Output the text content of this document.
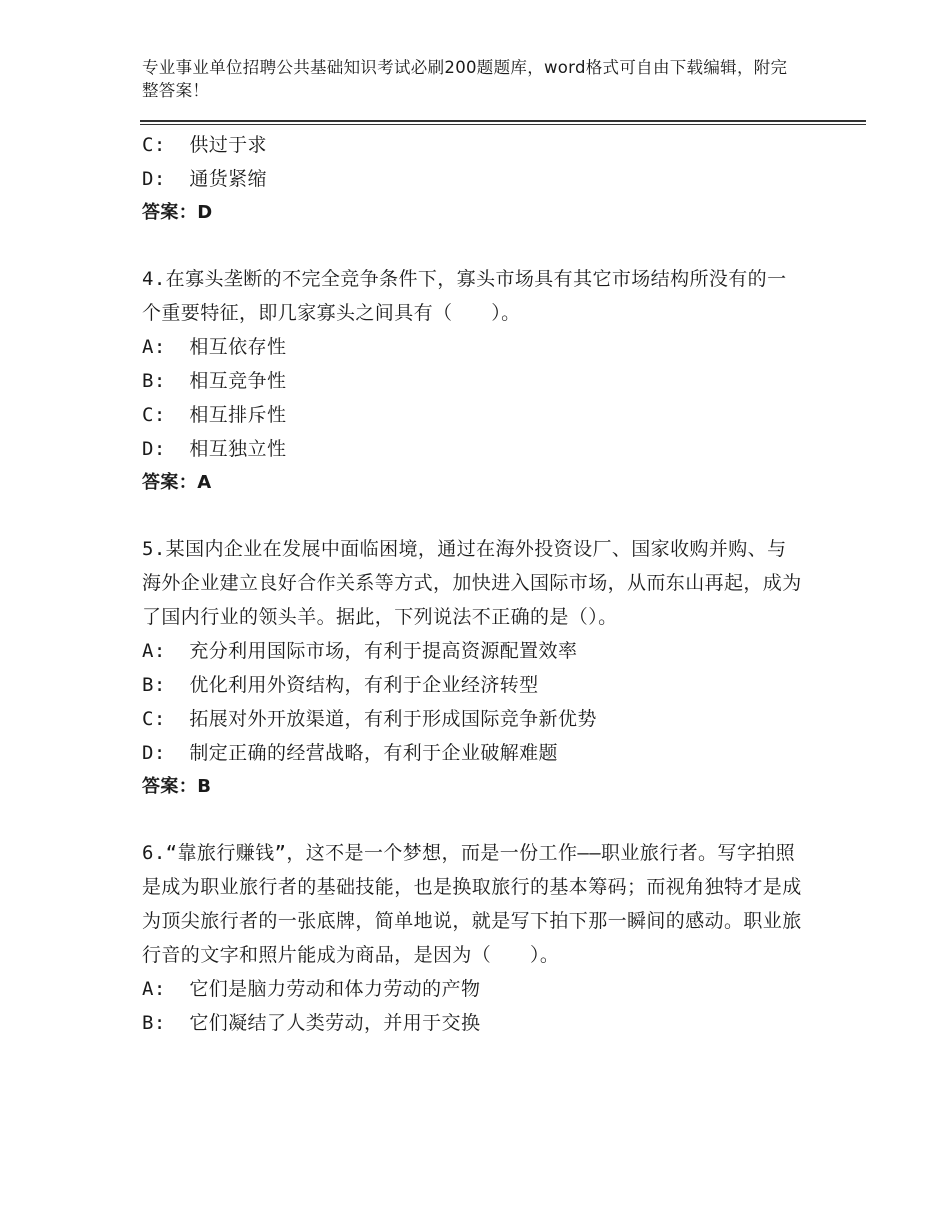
专业事业单位招聘公共基础知识考试必刷200题题库，word格式可自由下载编辑，附完整答案！
C:  供过于求
D:  通货紧缩
答案：D
4.在寡头垄断的不完全竞争条件下，寡头市场具有其它市场结构所没有的一个重要特征，即几家寡头之间具有（　　）。
A:  相互依存性
B:  相互竞争性
C:  相互排斥性
D:  相互独立性
答案：A
5.某国内企业在发展中面临困境，通过在海外投资设厂、国家收购并购、与海外企业建立良好合作关系等方式，加快进入国际市场，从而东山再起，成为了国内行业的领头羊。据此，下列说法不正确的是（）。
A:  充分利用国际市场，有利于提高资源配置效率
B:  优化利用外资结构，有利于企业经济转型
C:  拓展对外开放渠道，有利于形成国际竞争新优势
D:  制定正确的经营战略，有利于企业破解难题
答案：B
6.“靠旅行赚钱”，这不是一个梦想，而是一份工作——职业旅行者。写字拍照是成为职业旅行者的基础技能，也是换取旅行的基本筹码；而视角独特才是成为顶尖旅行者的一张底牌，简单地说，就是写下拍下那一瞬间的感动。职业旅行音的文字和照片能成为商品，是因为（　　）。
A:  它们是脑力劳动和体力劳动的产物
B:  它们凝结了人类劳动，并用于交换
